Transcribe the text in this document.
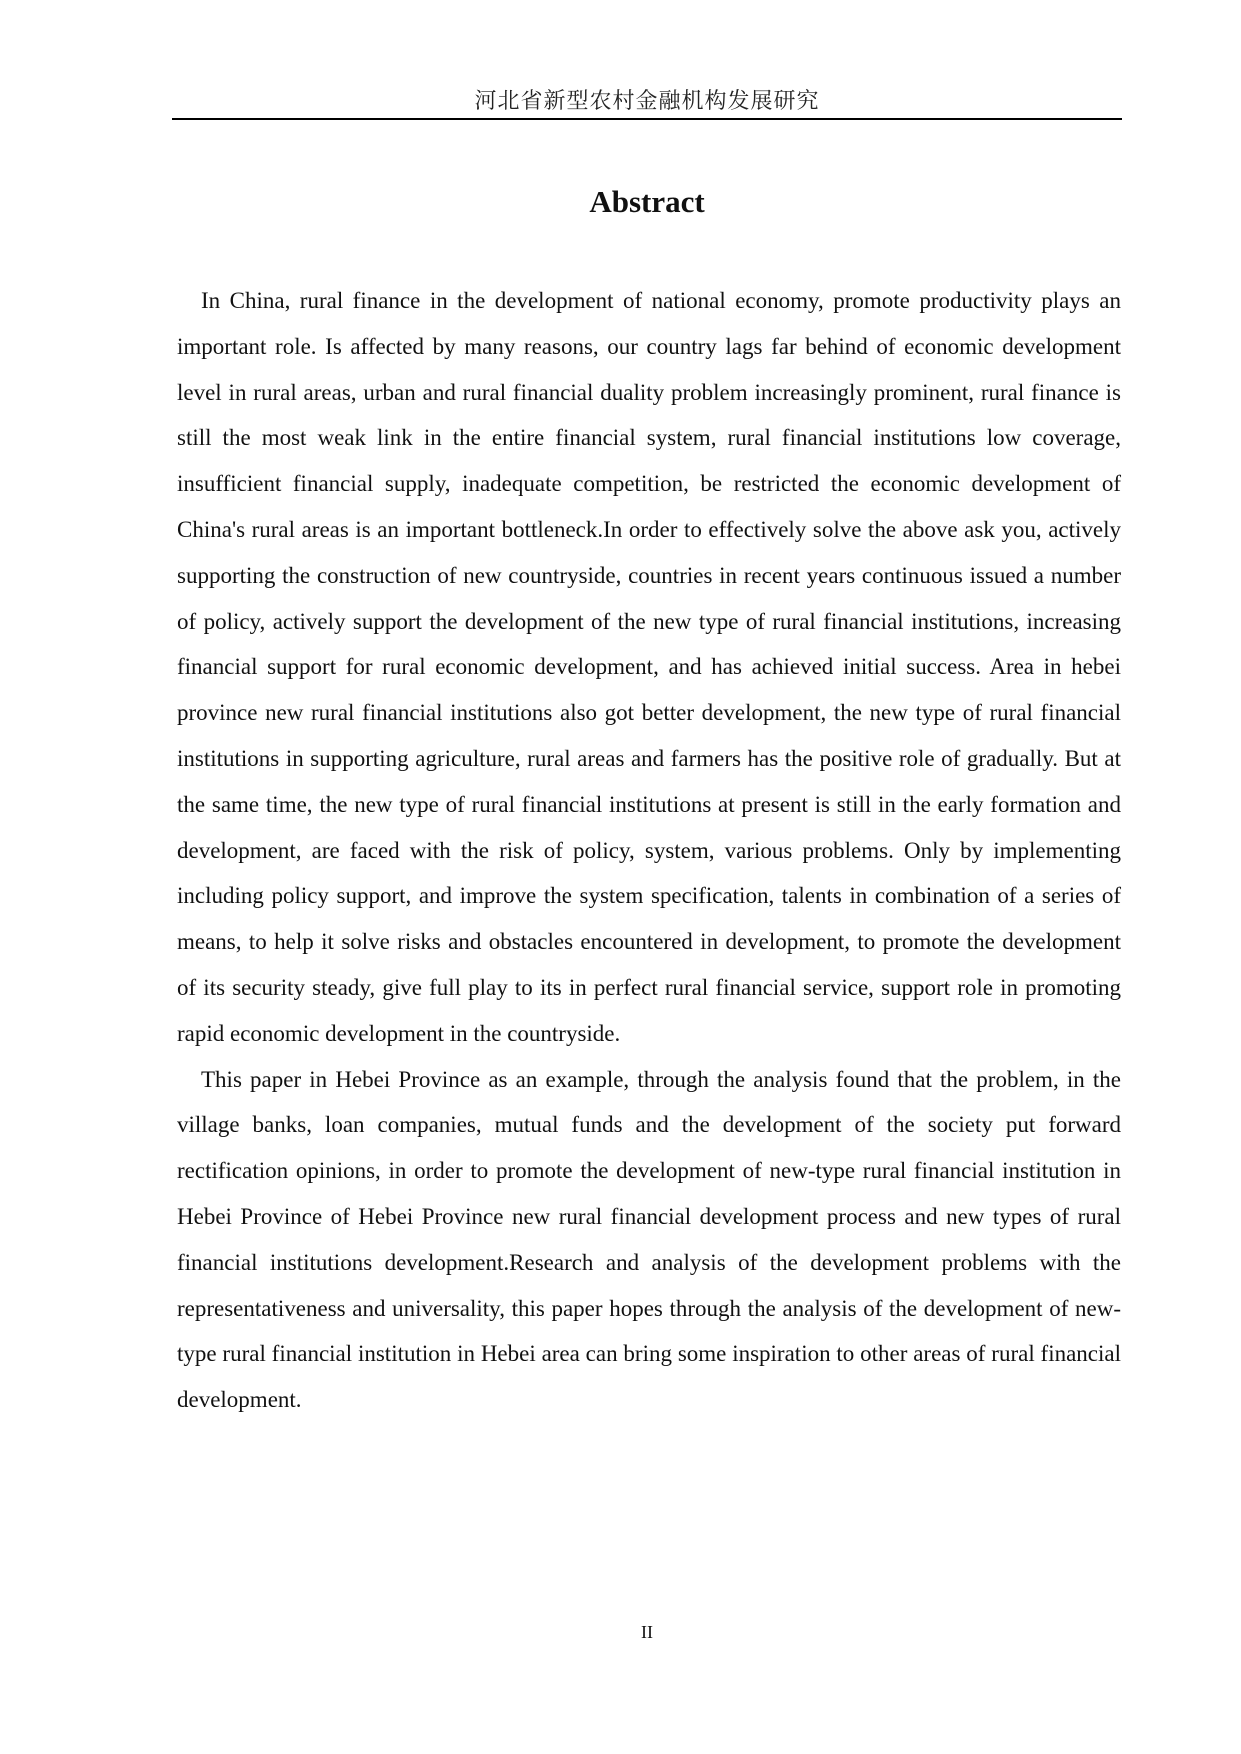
河北省新型农村金融机构发展研究
Abstract

In China, rural finance in the development of national economy, promote productivity plays an important role. Is affected by many reasons, our country lags far behind of economic development level in rural areas, urban and rural financial duality problem increasingly prominent, rural finance is still the most weak link in the entire financial system, rural financial institutions low coverage, insufficient financial supply, inadequate competition, be restricted the economic development of China's rural areas is an important bottleneck.In order to effectively solve the above ask you, actively supporting the construction of new countryside, countries in recent years continuous issued a number of policy, actively support the development of the new type of rural financial institutions, increasing financial support for rural economic development, and has achieved initial success. Area in hebei province new rural financial institutions also got better development, the new type of rural financial institutions in supporting agriculture, rural areas and farmers has the positive role of gradually. But at the same time, the new type of rural financial institutions at present is still in the early formation and development, are faced with the risk of policy, system, various problems. Only by implementing including policy support, and improve the system specification, talents in combination of a series of means, to help it solve risks and obstacles encountered in development, to promote the development of its security steady, give full play to its in perfect rural financial service, support role in promoting rapid economic development in the countryside.

This paper in Hebei Province as an example, through the analysis found that the problem, in the village banks, loan companies, mutual funds and the development of the society put forward rectification opinions, in order to promote the development of new-type rural financial institution in Hebei Province of Hebei Province new rural financial development process and new types of rural financial institutions development.Research and analysis of the development problems with the representativeness and universality, this paper hopes through the analysis of the development of new-type rural financial institution in Hebei area can bring some inspiration to other areas of rural financial development.

II
